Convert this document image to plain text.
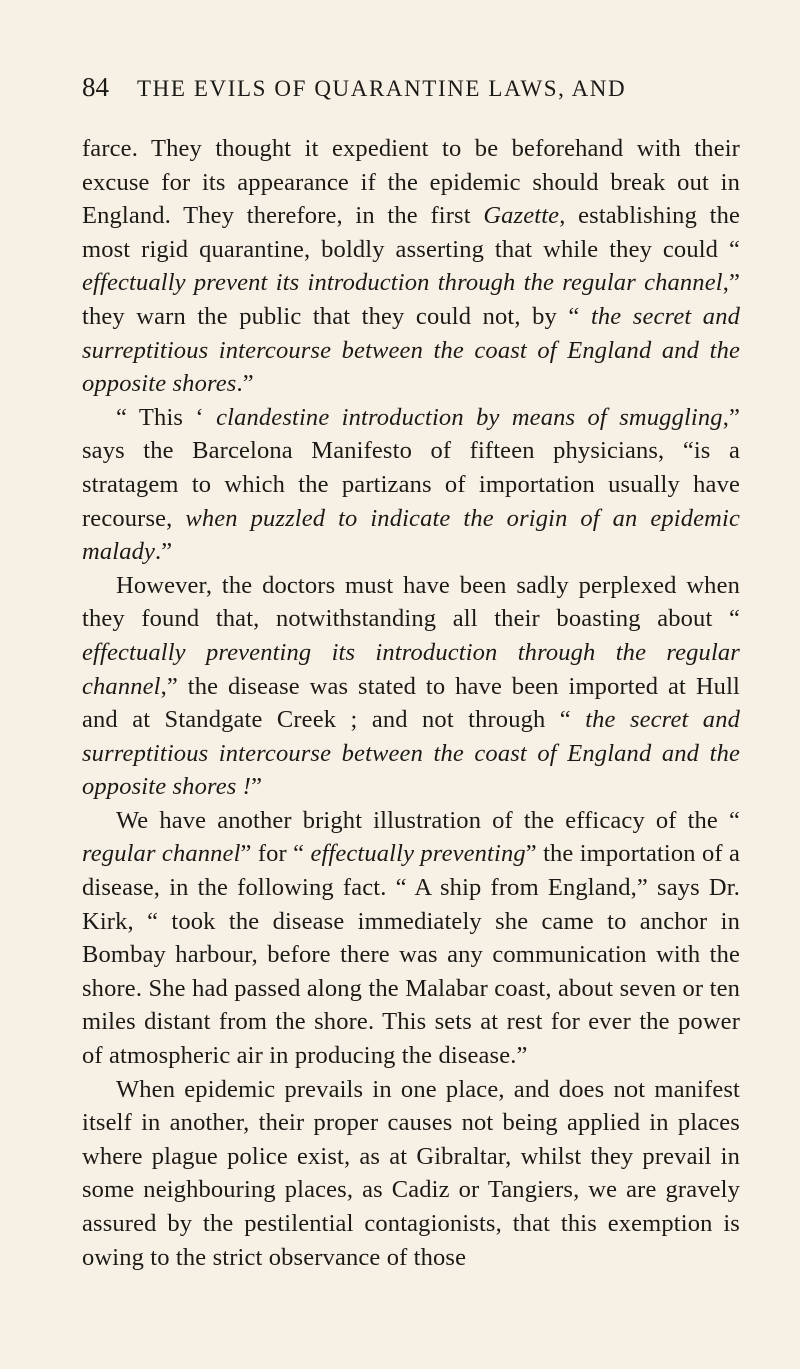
84 THE EVILS OF QUARANTINE LAWS, AND

farce. They thought it expedient to be beforehand with their excuse for its appearance if the epidemic should break out in England. They therefore, in the first Gazette, establishing the most rigid quarantine, boldly asserting that while they could “ effectually prevent its introduction through the regular channel,” they warn the public that they could not, by “ the secret and surreptitious intercourse between the coast of England and the opposite shores.”

“ This ‘ clandestine introduction by means of smuggling,” says the Barcelona Manifesto of fifteen physicians, “is a stratagem to which the partizans of importation usually have recourse, when puzzled to indicate the origin of an epidemic malady.”

However, the doctors must have been sadly perplexed when they found that, notwithstanding all their boasting about “ effectually preventing its introduction through the regular channel,” the disease was stated to have been imported at Hull and at Standgate Creek ; and not through “ the secret and surreptitious intercourse between the coast of England and the opposite shores !”

We have another bright illustration of the efficacy of the “ regular channel” for “ effectually preventing” the importation of a disease, in the following fact. “ A ship from England,” says Dr. Kirk, “ took the disease immediately she came to anchor in Bombay harbour, before there was any communication with the shore. She had passed along the Malabar coast, about seven or ten miles distant from the shore. This sets at rest for ever the power of atmospheric air in producing the disease.”

When epidemic prevails in one place, and does not manifest itself in another, their proper causes not being applied in places where plague police exist, as at Gibraltar, whilst they prevail in some neighbouring places, as Cadiz or Tangiers, we are gravely assured by the pestilential contagionists, that this exemption is owing to the strict observance of those
